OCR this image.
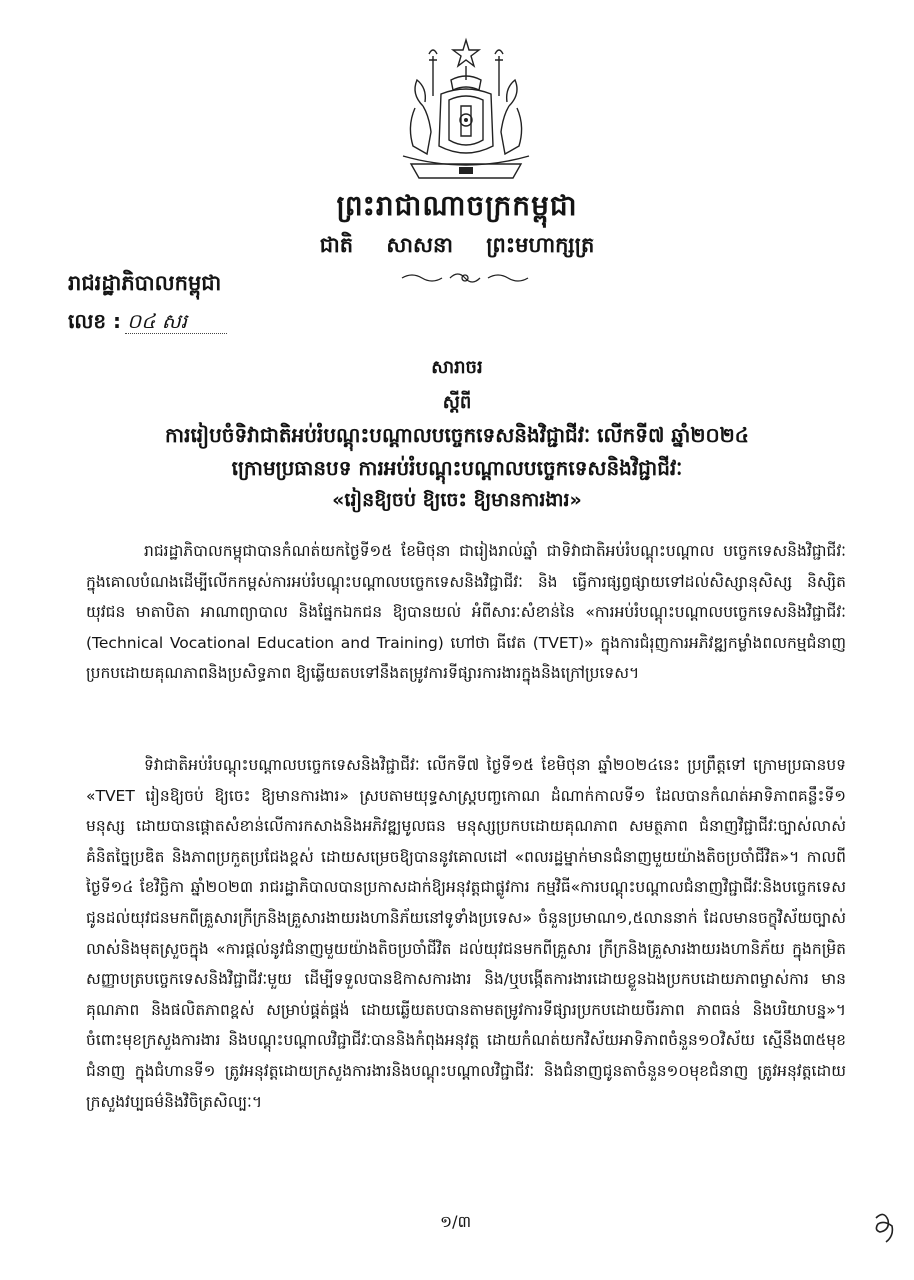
ព្រះរាជាណាចក្រកម្ពុជា
ជាតិ សាសនា ព្រះមហាក្សត្រ
រាជរដ្ឋាភិបាលកម្ពុជា
លេខ : ០៤ សរ
សារាចរ
ស្តីពី
ការរៀបចំទិវាជាតិអប់រំបណ្តុះបណ្តាលបច្ចេកទេសនិងវិជ្ជាជីវៈ លើកទី៧ ឆ្នាំ២០២៤
ក្រោមប្រធានបទ ការអប់រំបណ្តុះបណ្តាលបច្ចេកទេសនិងវិជ្ជាជីវៈ
«រៀនឱ្យចប់ ឱ្យចេះ ឱ្យមានការងារ»
រាជរដ្ឋាភិបាលកម្ពុជាបានកំណត់យកថ្ងៃទី១៥ ខែមិថុនា ជារៀងរាល់ឆ្នាំ ជាទិវាជាតិអប់រំបណ្តុះបណ្តាល បច្ចេកទេសនិងវិជ្ជាជីវៈ ក្នុងគោលបំណងដើម្បីលើកកម្ពស់ការអប់រំបណ្តុះបណ្តាលបច្ចេកទេសនិងវិជ្ជាជីវៈ និង ធ្វើការផ្សព្វផ្សាយទៅដល់សិស្សានុសិស្ស និស្សិត យុវជន មាតាបិតា អាណាព្យាបាល និងផ្នែកឯកជន ឱ្យបានយល់ អំពីសារៈសំខាន់នៃ «ការអប់រំបណ្តុះបណ្តាលបច្ចេកទេសនិងវិជ្ជាជីវៈ (Technical Vocational Education and Training) ហៅថា ធីវេត (TVET)» ក្នុងការជំរុញការអភិវឌ្ឍកម្លាំងពលកម្មជំនាញប្រកបដោយគុណភាពនិងប្រសិទ្ធភាព ឱ្យឆ្លើយតបទៅនឹងតម្រូវការទីផ្សារការងារក្នុងនិងក្រៅប្រទេស។
ទិវាជាតិអប់រំបណ្តុះបណ្តាលបច្ចេកទេសនិងវិជ្ជាជីវៈ លើកទី៧ ថ្ងៃទី១៥ ខែមិថុនា ឆ្នាំ២០២៤នេះ ប្រព្រឹត្តទៅ ក្រោមប្រធានបទ «TVET រៀនឱ្យចប់ ឱ្យចេះ ឱ្យមានការងារ» ស្របតាមយុទ្ធសាស្ត្របញ្ចកោណ ដំណាក់កាលទី១ ដែលបានកំណត់អាទិភាពគន្លឹះទី១ មនុស្ស ដោយបានផ្តោតសំខាន់លើការកសាងនិងអភិវឌ្ឍមូលធន មនុស្សប្រកបដោយគុណភាព សមត្ថភាព ជំនាញវិជ្ជាជីវៈច្បាស់លាស់ គំនិតច្នៃប្រឌិត និងភាពប្រកួតប្រជែងខ្ពស់ ដោយសម្រេចឱ្យបាននូវគោលដៅ «ពលរដ្ឋម្នាក់មានជំនាញមួយយ៉ាងតិចប្រចាំជីវិត»។ កាលពីថ្ងៃទី១៤ ខែវិច្ឆិកា ឆ្នាំ២០២៣ រាជរដ្ឋាភិបាលបានប្រកាសដាក់ឱ្យអនុវត្តជាផ្លូវការ កម្មវិធី«ការបណ្តុះបណ្តាលជំនាញវិជ្ជាជីវៈនិងបច្ចេកទេស ជូនដល់យុវជនមកពីគ្រួសារក្រីក្រនិងគ្រួសារងាយរងហានិភ័យនៅទូទាំងប្រទេស» ចំនួនប្រមាណ១,៥លាននាក់ ដែលមានចក្ខុវិស័យច្បាស់លាស់និងមុតស្រួចក្នុង «ការផ្តល់នូវជំនាញមួយយ៉ាងតិចប្រចាំជីវិត ដល់យុវជនមកពីគ្រួសារ ក្រីក្រនិងគ្រួសារងាយរងហានិភ័យ ក្នុងកម្រិតសញ្ញាបត្របច្ចេកទេសនិងវិជ្ជាជីវៈមួយ ដើម្បីទទួលបានឱកាសការងារ និង/ឬបង្កើតការងារដោយខ្លួនឯងប្រកបដោយភាពម្ចាស់ការ មានគុណភាព និងផលិតភាពខ្ពស់ សម្រាប់ផ្គត់ផ្គង់ ដោយឆ្លើយតបបានតាមតម្រូវការទីផ្សារប្រកបដោយចីរភាព ភាពធន់ និងបរិយាបន្ន»។ ចំពោះមុខក្រសួងការងារ និងបណ្តុះបណ្តាលវិជ្ជាជីវៈបាននិងកំពុងអនុវត្ត ដោយកំណត់យកវិស័យអាទិភាពចំនួន១០វិស័យ ស្មើនឹង៣៥មុខជំនាញ ក្នុងជំហានទី១ ត្រូវអនុវត្តដោយក្រសួងការងារនិងបណ្តុះបណ្តាលវិជ្ជាជីវៈ និងជំនាញជូនតាចំនួន១០មុខជំនាញ ត្រូវអនុវត្តដោយក្រសួងវប្បធម៌និងវិចិត្រសិល្បៈ។
១/៣
